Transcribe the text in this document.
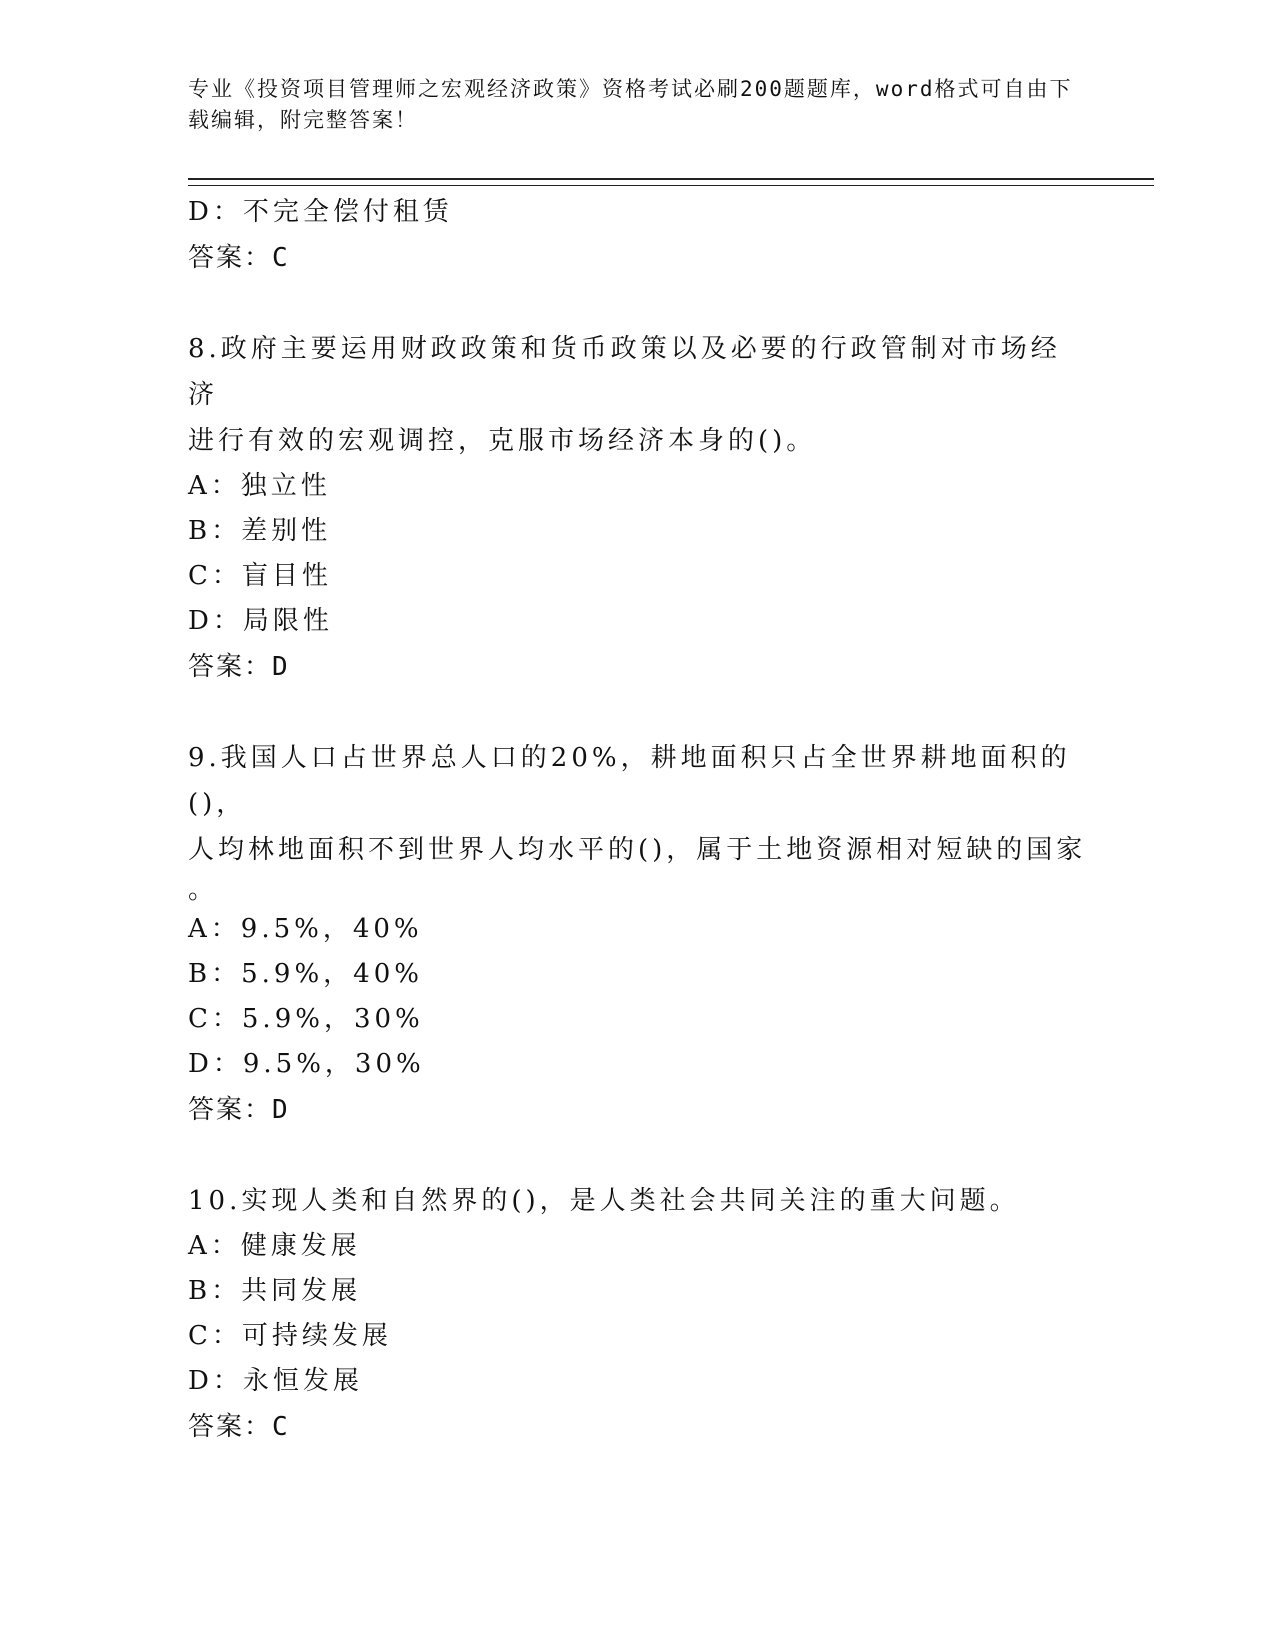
专业《投资项目管理师之宏观经济政策》资格考试必刷200题题库，word格式可自由下载编辑，附完整答案！
D：不完全偿付租赁
答案：C
8.政府主要运用财政政策和货币政策以及必要的行政管制对市场经济
进行有效的宏观调控，克服市场经济本身的()。
A：独立性
B：差别性
C：盲目性
D：局限性
答案：D
9.我国人口占世界总人口的20%，耕地面积只占全世界耕地面积的()，
人均林地面积不到世界人均水平的()，属于土地资源相对短缺的国家
。
A：9.5%，40%
B：5.9%，40%
C：5.9%，30%
D：9.5%，30%
答案：D
10.实现人类和自然界的()，是人类社会共同关注的重大问题。
A：健康发展
B：共同发展
C：可持续发展
D：永恒发展
答案：C
